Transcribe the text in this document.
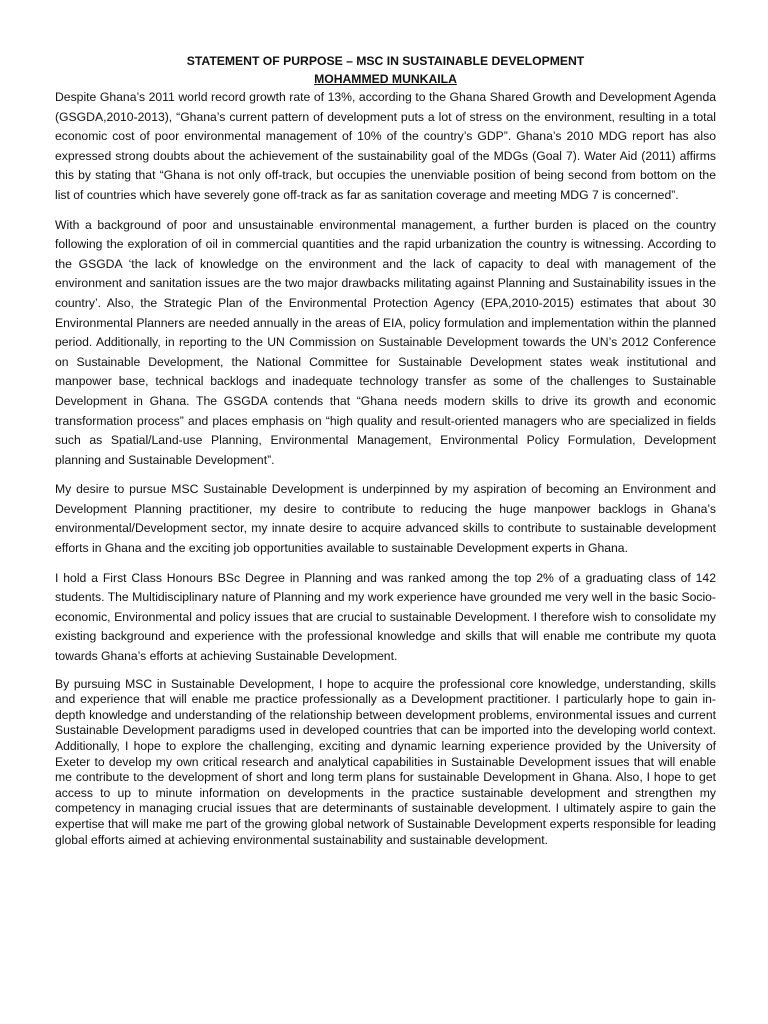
STATEMENT OF PURPOSE – MSC IN SUSTAINABLE DEVELOPMENT

MOHAMMED MUNKAILA

Despite Ghana’s 2011 world record growth rate of 13%, according to the Ghana Shared Growth and Development Agenda (GSGDA,2010-2013), “Ghana’s current pattern of development puts a lot of stress on the environment, resulting in a total economic cost of poor environmental management of 10% of the country’s GDP”. Ghana’s 2010 MDG report has also expressed strong doubts about the achievement of the sustainability goal of the MDGs (Goal 7). Water Aid (2011) affirms this by stating that “Ghana is not only off-track, but occupies the unenviable position of being second from bottom on the list of countries which have severely gone off-track as far as sanitation coverage and meeting MDG 7 is concerned”.

With a background of poor and unsustainable environmental management, a further burden is placed on the country following the exploration of oil in commercial quantities and the rapid urbanization the country is witnessing. According to the GSGDA ‘the lack of knowledge on the environment and the lack of capacity to deal with management of the environment and sanitation issues are the two major drawbacks militating against Planning and Sustainability issues in the country’. Also, the Strategic Plan of the Environmental Protection Agency (EPA,2010-2015) estimates that about 30 Environmental Planners are needed annually in the areas of EIA, policy formulation and implementation within the planned period. Additionally, in reporting to the UN Commission on Sustainable Development towards the UN’s 2012 Conference on Sustainable Development, the National Committee for Sustainable Development states weak institutional and manpower base, technical backlogs and inadequate technology transfer as some of the challenges to Sustainable Development in Ghana. The GSGDA contends that “Ghana needs modern skills to drive its growth and economic transformation process” and places emphasis on “high quality and result-oriented managers who are specialized in fields such as Spatial/Land-use Planning, Environmental Management, Environmental Policy Formulation, Development planning and Sustainable Development”.

My desire to pursue MSC Sustainable Development is underpinned by my aspiration of becoming an Environment and Development Planning practitioner, my desire to contribute to reducing the huge manpower backlogs in Ghana’s environmental/Development sector, my innate desire to acquire advanced skills to contribute to sustainable development efforts in Ghana and the exciting job opportunities available to sustainable Development experts in Ghana.

I hold a First Class Honours BSc Degree in Planning and was ranked among the top 2% of a graduating class of 142 students. The Multidisciplinary nature of Planning and my work experience have grounded me very well in the basic Socio-economic, Environmental and policy issues that are crucial to sustainable Development. I therefore wish to consolidate my existing background and experience with the professional knowledge and skills that will enable me contribute my quota towards Ghana’s efforts at achieving Sustainable Development.

By pursuing MSC in Sustainable Development, I hope to acquire the professional core knowledge, understanding, skills and experience that will enable me practice professionally as a Development practitioner. I particularly hope to gain in-depth knowledge and understanding of the relationship between development problems, environmental issues and current Sustainable Development paradigms used in developed countries that can be imported into the developing world context. Additionally, I hope to explore the challenging, exciting and dynamic learning experience provided by the University of Exeter to develop my own critical research and analytical capabilities in Sustainable Development issues that will enable me contribute to the development of short and long term plans for sustainable Development in Ghana. Also, I hope to get access to up to minute information on developments in the practice sustainable development and strengthen my competency in managing crucial issues that are determinants of sustainable development. I ultimately aspire to gain the expertise that will make me part of the growing global network of Sustainable Development experts responsible for leading global efforts aimed at achieving environmental sustainability and sustainable development.
